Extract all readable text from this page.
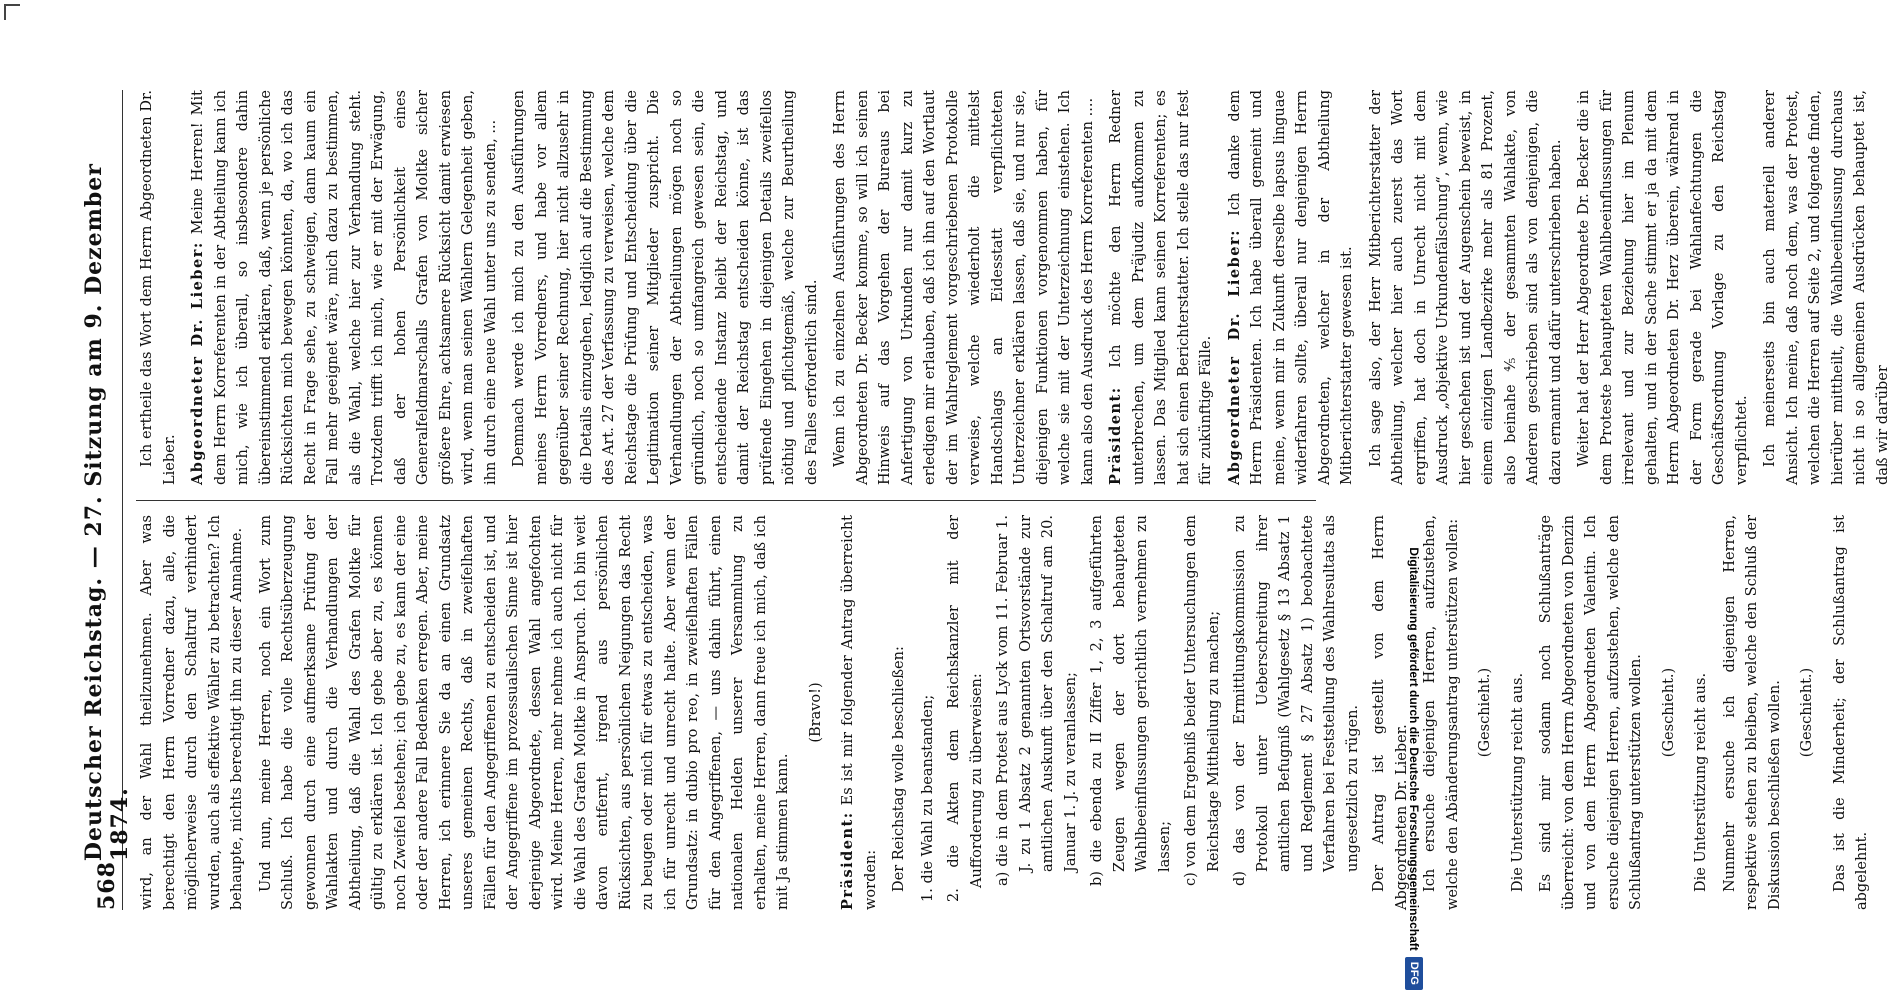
568
Deutscher Reichstag. — 27. Sitzung am 9. Dezember 1874. wird, an der Wahl theilzunehmen. Aber was berechtigt den Herrn Vorredner dazu, alle, die möglicherweise durch den Schaltruf verhindert wurden, auch als effektive Wähler zu betrachten? Ich behaupte, nichts berechtigt ihn zu dieser Annahme. Und nun, meine Herren, noch ein Wort zum Schluß. Ich habe die volle Rechtsüberzeugung gewonnen durch eine aufmerksame Prüfung der Wahlakten und durch die Verhandlungen der Abtheilung, daß die Wahl des Grafen Moltke für gültig zu erklären ist. Ich gebe aber zu, es können noch Zweifel bestehen; ich gebe zu, es kann der eine oder der andere Fall Bedenken erregen. Aber, meine Herren, ich erinnere Sie da an einen Grundsatz unseres gemeinen Rechts, daß in zweifelhaften Fällen für den Angegriffenen zu entscheiden ist, und der Angegriffene im prozessualischen Sinne ist hier derjenige Abgeordnete, dessen Wahl angefochten wird. Meine Herren, mehr nehme ich auch nicht für die Wahl des Grafen Moltke in Anspruch. Ich bin weit davon entfernt, irgend aus persönlichen Rücksichten, aus persönlichen Neigungen das Recht zu beugen oder mich für etwas zu entscheiden, was ich für unrecht und unrecht halte. Aber wenn der Grundsatz: in dubio pro reo, in zweifelhaften Fällen für den Angegriffenen, — uns dahin führt, einen nationalen Helden unserer Versammlung zu erhalten, meine Herren, dann freue ich mich, daß ich mit Ja stimmen kann.

(Bravo!)

Präsident: Es ist mir folgender Antrag überreicht worden: Der Reichstag wolle beschließen: 1. die Wahl zu beanstanden; 2. die Akten dem Reichskanzler mit der Aufforderung zu überweisen: a) die in dem Protest aus Lyck vom 11. Februar 1. J. zu 1 Absatz 2 genannten Ortsvorstände zur amtlichen Auskunft über den Schaltruf am 20. Januar 1. J. zu veranlassen; b) die ebenda zu II Ziffer 1, 2, 3 aufgeführten Zeugen wegen der dort behaupteten Wahlbeeinflussungen gerichtlich vernehmen zu lassen; c) von dem Ergebniß beider Untersuchungen dem Reichstage Mittheilung zu machen; d) das von der Ermittlungskommission zu Protokoll unter Ueberschreitung ihrer amtlichen Befugniß (Wahlgesetz § 13 Absatz 1 und Reglement § 27 Absatz 1) beobachtete Verfahren bei Feststellung des Wahlresultats als ungesetzlich zu rügen. Der Antrag ist gestellt von dem Herrn Abgeordneten Dr. Lieber. Ich ersuche diejenigen Herren, aufzustehen, welche den Abänderungsantrag unterstützen wollen: (Geschieht.) Die Unterstützung reicht aus. Es sind mir sodann noch Schlußanträge überreicht: von dem Herrn Abgeordneten von Denzin und von dem Herrn Abgeordneten Valentin. Ich ersuche diejenigen Herren, aufzustehen, welche den Schlußantrag unterstützen wollen. (Geschieht.) Die Unterstützung reicht aus. Nunmehr ersuche ich diejenigen Herren, respektive stehen zu bleiben, welche den Schluß der Diskussion beschließen wollen. (Geschieht.) Das ist die Minderheit; der Schlußantrag ist abgelehnt.

Ich ertheile das Wort dem Herrn Abgeordneten Dr. Lieber. Abgeordneter Dr. Lieber: Meine Herren! Mit dem Herrn Korreferenten in der Abtheilung kann ich mich, wie ich überall, so insbesondere dahin übereinstimmend erklären, daß, wenn je persönliche Rücksichten mich bewegen könnten, da, wo ich das Recht in Frage sehe, zu schweigen, dann kaum ein Fall mehr geeignet wäre, mich dazu zu bestimmen, als die Wahl, welche hier zur Verhandlung steht. Trotzdem trifft ich mich, wie er mit der Erwägung, daß der hohen Persönlichkeit eines Generalfeldmarschalls Grafen von Moltke sicher größere Ehre, achtsamere Rücksicht damit erwiesen wird, wenn man seinen Wählern Gelegenheit geben, ihn durch eine neue Wahl unter uns zu senden, ... Demnach werde ich mich zu den Ausführungen meines Herrn Vorredners, und habe vor allem gegenüber seiner Rechnung, hier nicht allzusehr in die Details einzugehen, lediglich auf die Bestimmung des Art. 27 der Verfassung zu verweisen, welche dem Reichstage die Prüfung und Entscheidung über die Legitimation seiner Mitglieder zuspricht. Die Verhandlungen der Abtheilungen mögen noch so gründlich, noch so umfangreich gewesen sein, die entscheidende Instanz bleibt der Reichstag, und damit der Reichstag entscheiden könne, ist das prüfende Eingehen in diejenigen Details zweifellos nöthig und pflichtgemäß, welche zur Beurtheilung des Falles erforderlich sind. Wenn ich zu einzelnen Ausführungen des Herrn Abgeordneten Dr. Becker komme, so will ich seinen Hinweis auf das Vorgehen der Bureaus bei Anfertigung von Urkunden nur damit kurz zu erledigen mir erlauben, daß ich ihn auf den Wortlaut der im Wahlreglement vorgeschriebenen Protokolle verweise, welche wiederholt die mittelst Handschlags an Eidesstatt verpflichteten Unterzeichner erklären lassen, daß sie, und nur sie, diejenigen Funktionen vorgenommen haben, für welche sie mit der Unterzeichnung einstehen. Ich kann also den Ausdruck des Herrn Korreferenten .... Präsident: Ich möchte den Herrn Redner unterbrechen, um dem Präjudiz aufkommen zu lassen. Das Mitglied kann seinen Korreferenten; es hat sich einen Berichterstatter. Ich stelle das nur fest für zukünftige Fälle. Abgeordneter Dr. Lieber: Ich danke dem Herrn Präsidenten. Ich habe überall gemeint und meine, wenn mir in Zukunft derselbe lapsus linguae widerfahren sollte, überall nur denjenigen Herrn Abgeordneten, welcher in der Abtheilung Mitberichterstatter gewesen ist. Ich sage also, der Herr Mitberichterstatter der Abtheilung, welcher hier auch zuerst das Wort ergriffen, hat doch in Unrecht nicht mit dem Ausdruck „objektive Urkundenfälschung“, wenn, wie hier geschehen ist und der Augenschein beweist, in einem einzigen Landbezirke mehr als 81 Prozent, also beinahe ⅘ der gesammten Wahlakte, von Anderen geschrieben sind als von denjenigen, die dazu ernannt und dafür unterschrieben haben. Weiter hat der Herr Abgeordnete Dr. Becker die in dem Proteste behaupteten Wahlbeeinflussungen für irrelevant und zur Beziehung hier im Plenum gehalten, und in der Sache stimmt er ja da mit dem Herrn Abgeordneten Dr. Herz überein, während in der Form gerade bei Wahlanfechtungen die Geschäftsordnung Vorlage zu den Reichstag verpflichtet. Ich meinerseits bin auch materiell anderer Ansicht. Ich meine, daß noch dem, was der Protest, welchen die Herren auf Seite 2, und folgende finden, hierüber mittheilt, die Wahlbeeinflussung durchaus nicht in so allgemeinen Ausdrücken behauptet ist, daß wir darüber

Digitalisierung gefördert durch die Deutsche Forschungsgemeinschaft
DFG
